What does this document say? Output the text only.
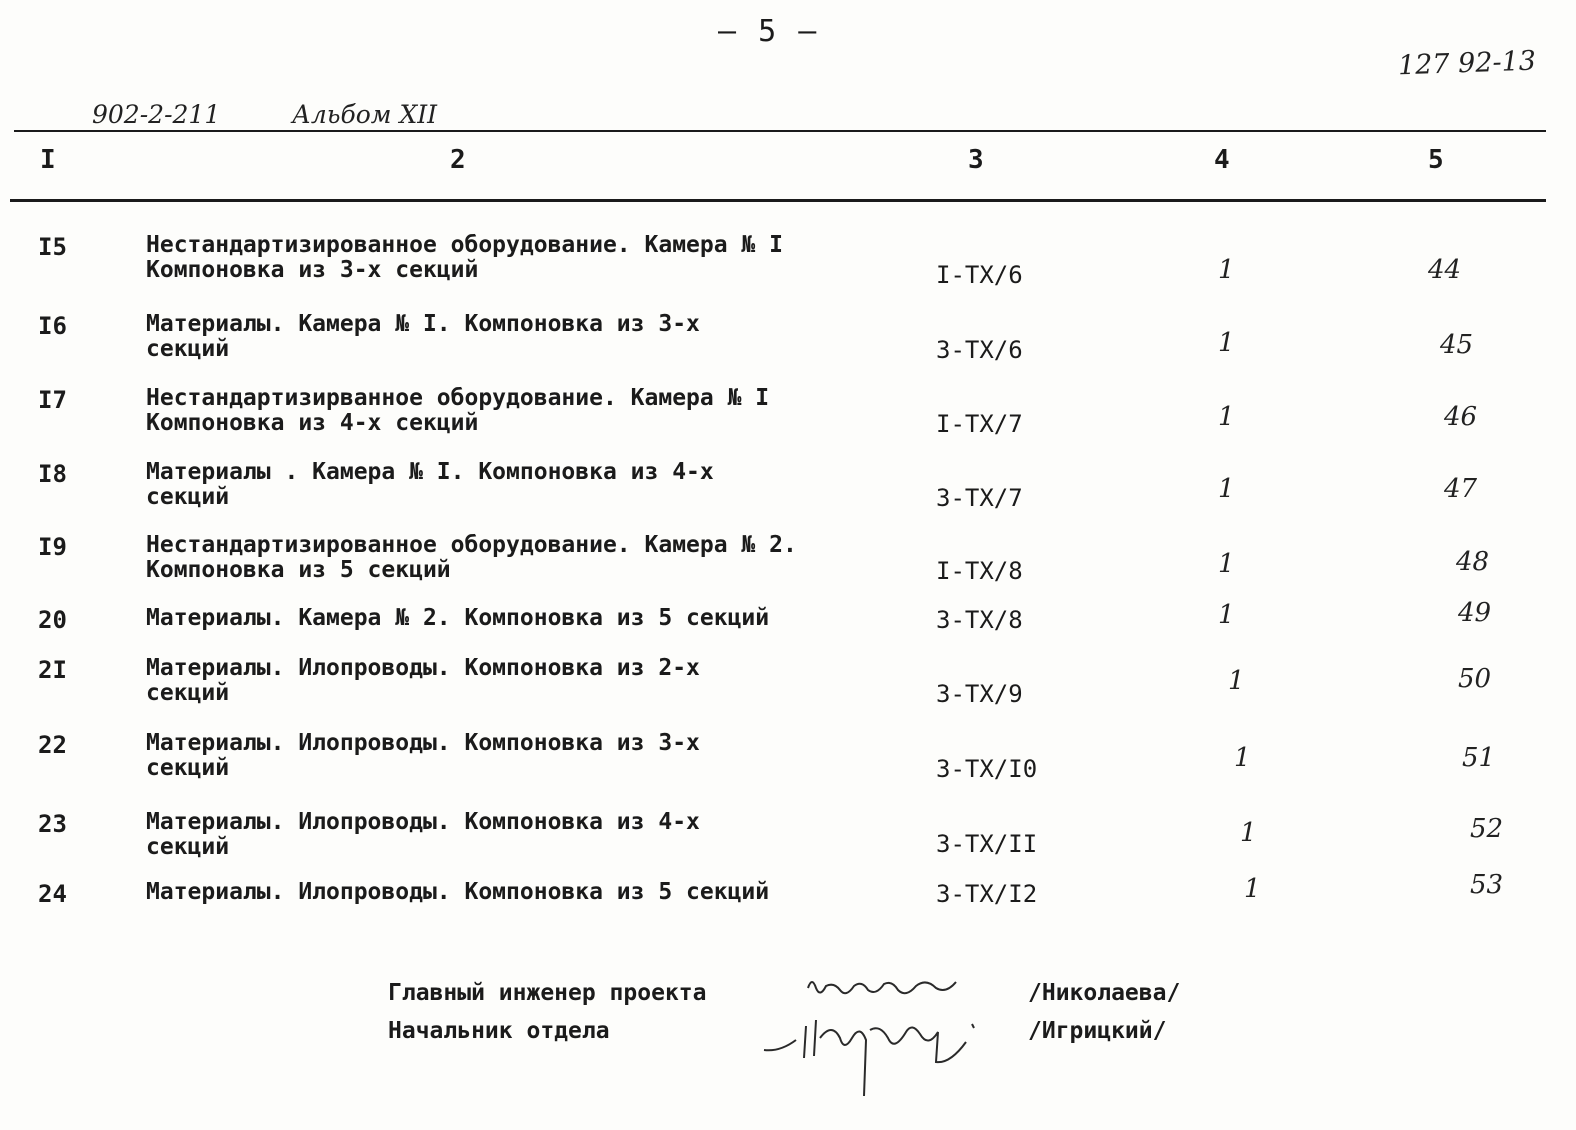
– 5 –
127 92-13
902-2-211	Альбом XII
I	2	3	4	5
I5	Нестандартизированное оборудование. Камера № I
Компоновка из 3-х секций	I-TX/6	1	44
I6	Материалы. Камера № I. Компоновка из 3-х
секций	3-TX/6	1	45
I7	Нестандартизирванное оборудование. Камера № I
Компоновка из 4-х секций	I-TX/7	1	46
I8	Материалы . Камера № I. Компоновка из 4-х
секций	3-TX/7	1	47
I9	Нестандартизированное оборудование. Камера № 2.
Компоновка из 5 секций	I-TX/8	1	48
20	Материалы. Камера № 2. Компоновка из 5 секций	3-TX/8	1	49
2I	Материалы. Илопроводы. Компоновка из 2-х
секций	3-TX/9	1	50
22	Материалы. Илопроводы. Компоновка из 3-х
секций	3-TX/I0	1	51
23	Материалы. Илопроводы. Компоновка из 4-х
секций	3-TX/II	1	52
24	Материалы. Илопроводы. Компоновка из 5 секций	3-TX/I2	1	53
Главный инженер проекта	/Николаева/
Начальник отдела	/Игрицкий/
